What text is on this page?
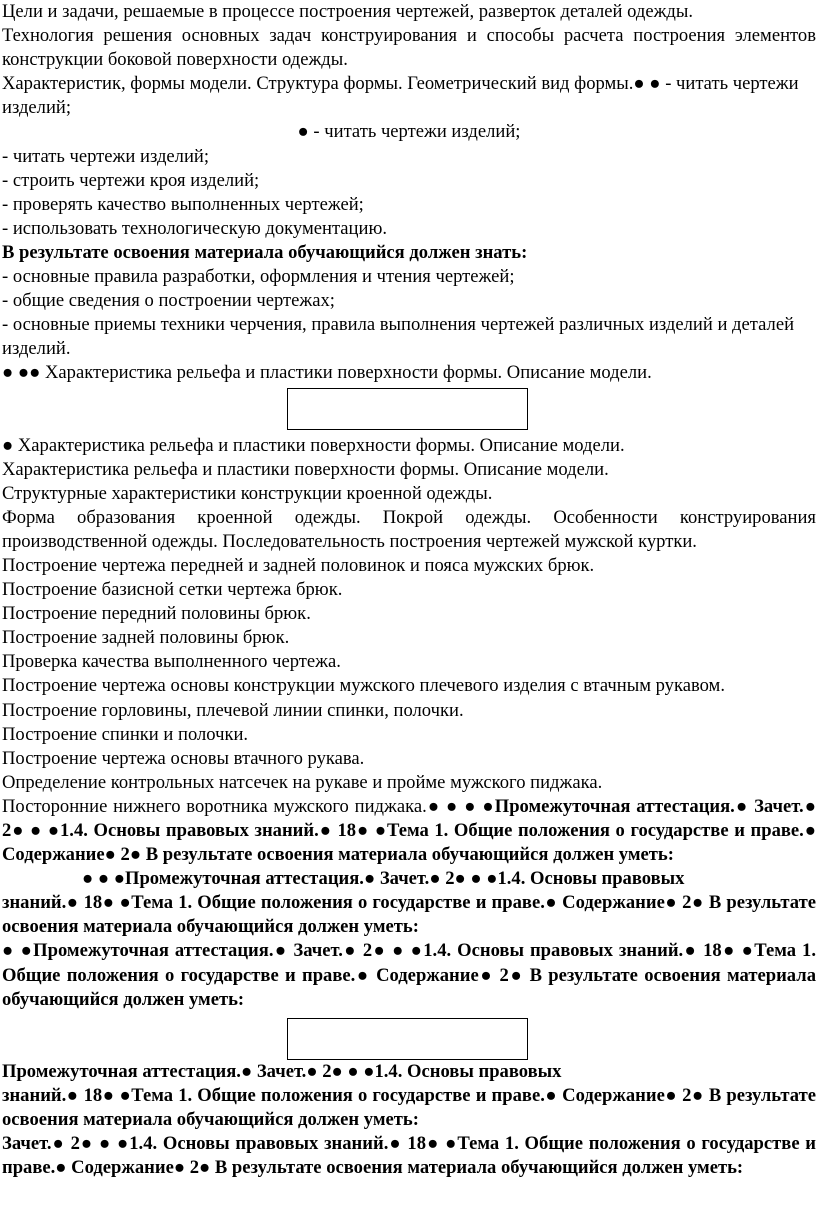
Цели и задачи, решаемые в процессе построения чертежей, разверток деталей одежды.

Технология решения основных задач конструирования и способы расчета построения элементов конструкции боковой поверхности одежды.

Характеристик, формы модели. Структура формы. Геометрический вид формы.● ● - читать чертежи изделий;

● - читать чертежи изделий;

- читать чертежи изделий;

- строить чертежи кроя изделий;

- проверять качество выполненных чертежей;

- использовать технологическую документацию.

В результате освоения материала обучающийся должен знать:

- основные правила разработки, оформления и чтения чертежей;

- общие сведения о построении чертежах;

- основные приемы техники черчения, правила выполнения чертежей различных изделий и деталей изделий.

● ●● Характеристика рельефа и пластики поверхности формы. Описание модели.

● Характеристика рельефа и пластики поверхности формы. Описание модели.

Характеристика рельефа и пластики поверхности формы. Описание модели.

Структурные характеристики конструкции кроенной одежды.

Форма образования кроенной одежды. Покрой одежды. Особенности конструирования производственной одежды. Последовательность построения чертежей мужской куртки.

Построение чертежа передней и задней половинок и пояса мужских брюк.

Построение базисной сетки чертежа брюк.

Построение передний половины брюк.

Построение задней половины брюк.

Проверка качества выполненного чертежа.

Построение чертежа основы конструкции мужского плечевого изделия с втачным рукавом.

Построение горловины, плечевой линии спинки, полочки.

Построение спинки и полочки.

Построение чертежа основы втачного рукава.

Определение контрольных натсечек на рукаве и пройме мужского пиджака.

Посторонние нижнего воротника мужского пиджака.● ● ● ●Промежуточная аттестация.● Зачет.● 2● ● ●1.4. Основы правовых знаний.● 18● ●Тема 1. Общие положения о государстве и праве.● Содержание● 2● В результате освоения материала обучающийся должен уметь:

● ● ●Промежуточная аттестация.● Зачет.● 2● ● ●1.4. Основы правовых

знаний.● 18● ●Тема 1. Общие положения о государстве и праве.● Содержание● 2● В результате освоения материала обучающийся должен уметь:

● ●Промежуточная аттестация.● Зачет.● 2● ● ●1.4. Основы правовых знаний.● 18● ●Тема 1. Общие положения о государстве и праве.● Содержание● 2● В результате освоения материала обучающийся должен уметь:

Промежуточная аттестация.● Зачет.● 2● ● ●1.4. Основы правовых

знаний.● 18● ●Тема 1. Общие положения о государстве и праве.● Содержание● 2● В результате освоения материала обучающийся должен уметь:

Зачет.● 2● ● ●1.4. Основы правовых знаний.● 18● ●Тема 1. Общие положения о государстве и праве.● Содержание● 2● В результате освоения материала обучающийся должен уметь:
